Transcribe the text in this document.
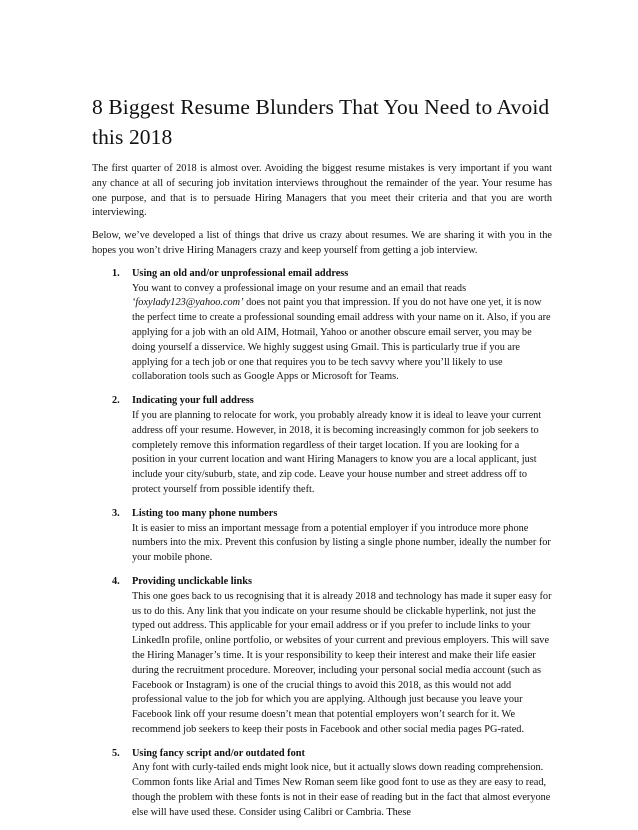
8 Biggest Resume Blunders That You Need to Avoid this 2018

The first quarter of 2018 is almost over. Avoiding the biggest resume mistakes is very important if you want any chance at all of securing job invitation interviews throughout the remainder of the year. Your resume has one purpose, and that is to persuade Hiring Managers that you meet their criteria and that you are worth interviewing.

Below, we’ve developed a list of things that drive us crazy about resumes. We are sharing it with you in the hopes you won’t drive Hiring Managers crazy and keep yourself from getting a job interview.

1. Using an old and/or unprofessional email address

You want to convey a professional image on your resume and an email that reads ‘foxylady123@yahoo.com’ does not paint you that impression. If you do not have one yet, it is now the perfect time to create a professional sounding email address with your name on it. Also, if you are applying for a job with an old AIM, Hotmail, Yahoo or another obscure email server, you may be doing yourself a disservice. We highly suggest using Gmail. This is particularly true if you are applying for a tech job or one that requires you to be tech savvy where you’ll likely to use collaboration tools such as Google Apps or Microsoft for Teams.

2. Indicating your full address

If you are planning to relocate for work, you probably already know it is ideal to leave your current address off your resume. However, in 2018, it is becoming increasingly common for job seekers to completely remove this information regardless of their target location. If you are looking for a position in your current location and want Hiring Managers to know you are a local applicant, just include your city/suburb, state, and zip code. Leave your house number and street address off to protect yourself from possible identify theft.

3. Listing too many phone numbers

It is easier to miss an important message from a potential employer if you introduce more phone numbers into the mix. Prevent this confusion by listing a single phone number, ideally the number for your mobile phone.

4. Providing unclickable links

This one goes back to us recognising that it is already 2018 and technology has made it super easy for us to do this. Any link that you indicate on your resume should be clickable hyperlink, not just the typed out address. This applicable for your email address or if you prefer to include links to your LinkedIn profile, online portfolio, or websites of your current and previous employers. This will save the Hiring Manager’s time. It is your responsibility to keep their interest and make their life easier during the recruitment procedure. Moreover, including your personal social media account (such as Facebook or Instagram) is one of the crucial things to avoid this 2018, as this would not add professional value to the job for which you are applying. Although just because you leave your Facebook link off your resume doesn’t mean that potential employers won’t search for it. We recommend job seekers to keep their posts in Facebook and other social media pages PG-rated.

5. Using fancy script and/or outdated font

Any font with curly-tailed ends might look nice, but it actually slows down reading comprehension. Common fonts like Arial and Times New Roman seem like good font to use as they are easy to read, though the problem with these fonts is not in their ease of reading but in the fact that almost everyone else will have used these. Consider using Calibri or Cambria. These
